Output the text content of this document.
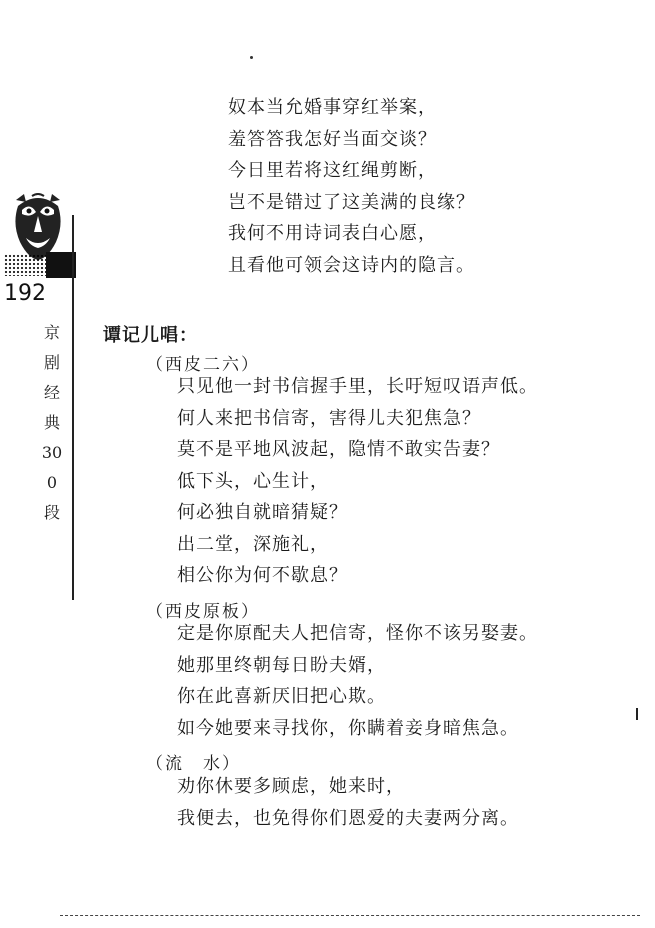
192
京剧经典300段
奴本当允婚事穿红举案，
羞答答我怎好当面交谈？
今日里若将这红绳剪断，
岂不是错过了这美满的良缘？
我何不用诗词表白心愿，
且看他可领会这诗内的隐言。
谭记儿唱：
（西皮二六）
只见他一封书信握手里，长吁短叹语声低。
何人来把书信寄，害得儿夫犯焦急？
莫不是平地风波起，隐情不敢实告妻？
低下头，心生计，
何必独自就暗猜疑？
出二堂，深施礼，
相公你为何不歇息？
（西皮原板）
定是你原配夫人把信寄，怪你不该另娶妻。
她那里终朝每日盼夫婿，
你在此喜新厌旧把心欺。
如今她要来寻找你，你瞒着妾身暗焦急。
（流　水）
劝你休要多顾虑，她来时，
我便去，也免得你们恩爱的夫妻两分离。
